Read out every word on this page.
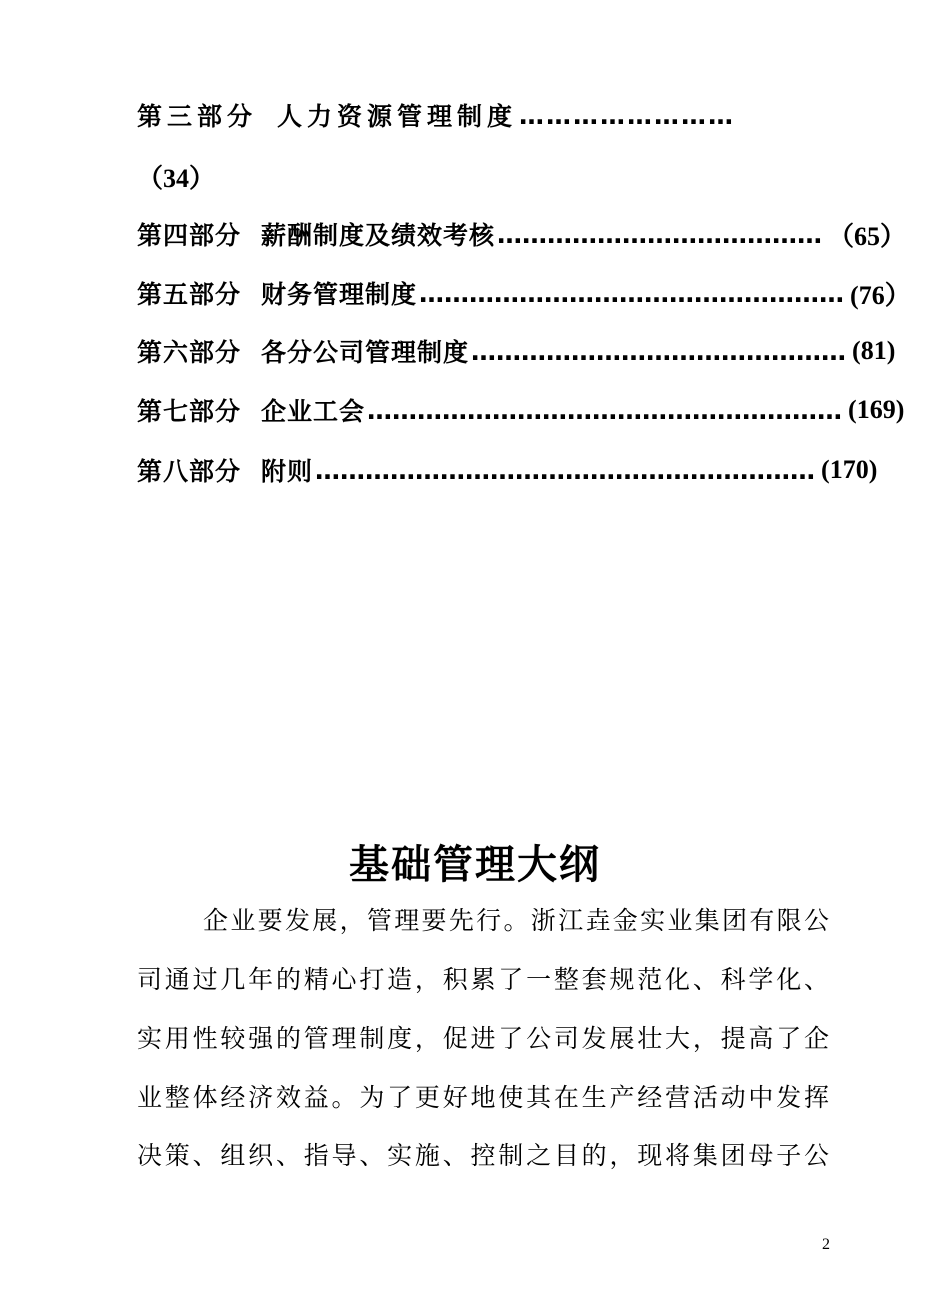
第三部分 人力资源管理制度 ……………………
（34）
第四部分 薪酬制度及绩效考核 ………………………………… （65）
第五部分 财务管理制度 …………………………………………… (76）
第六部分 各分公司管理制度 ……………………………………… (81)
第七部分 企业工会 ………………………………………………… (169)
第八部分 附则 …………………………………………………… (170)
基础管理大纲
企业要发展，管理要先行。浙江垚金实业集团有限公
司通过几年的精心打造，积累了一整套规范化、科学化、
实用性较强的管理制度，促进了公司发展壮大，提高了企
业整体经济效益。为了更好地使其在生产经营活动中发挥
决策、组织、指导、实施、控制之目的，现将集团母子公
2
